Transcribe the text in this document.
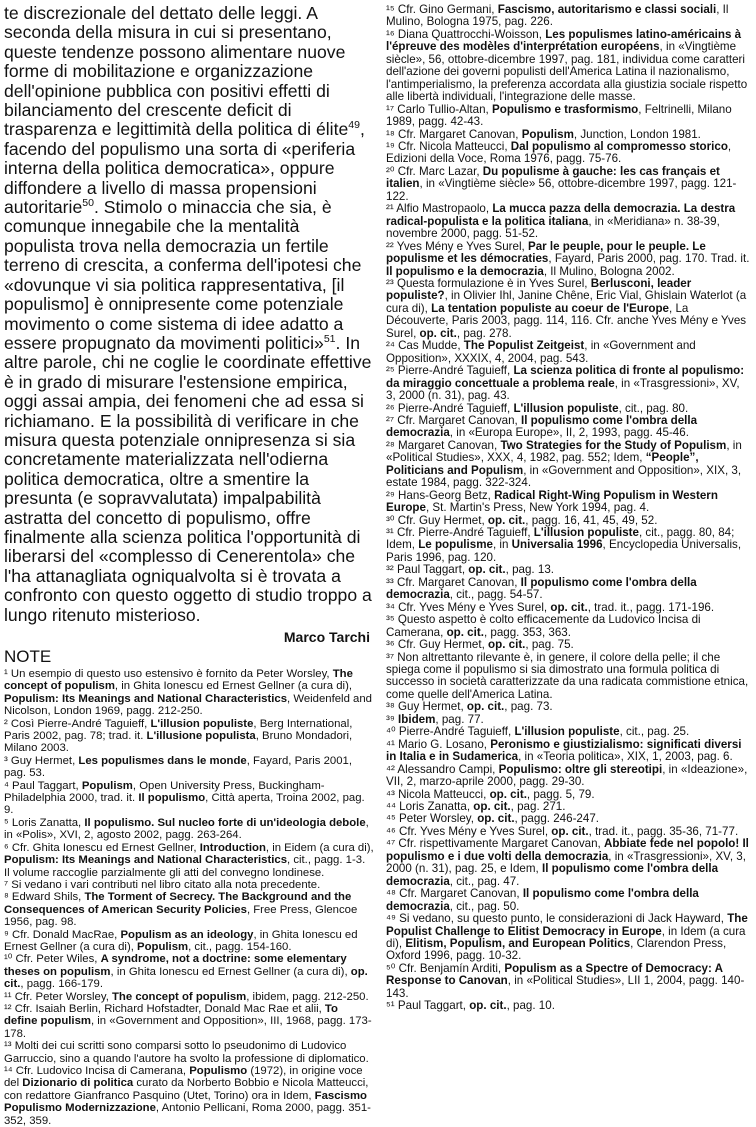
te discrezionale del dettato delle leggi. A seconda della misura in cui si presentano, queste tendenze possono alimentare nuove forme di mobilitazione e organizzazione dell'opinione pubblica con positivi effetti di bilanciamento del crescente deficit di trasparenza e legittimità della politica di élite$^{49}$, facendo del populismo una sorta di «periferia interna della politica democratica», oppure diffondere a livello di massa propensioni autoritarie$^{50}$. Stimolo o minaccia che sia, è comunque innegabile che la mentalità populista trova nella democrazia un fertile terreno di crescita, a conferma dell'ipotesi che «dovunque vi sia politica rappresentativa, [il populismo] è onnipresente come potenziale movimento o come sistema di idee adatto a essere propugnato da movimenti politici»$^{51}$. In altre parole, chi ne coglie le coordinate effettive è in grado di misurare l'estensione empirica, oggi assai ampia, dei fenomeni che ad essa si richiamano. E la possibilità di verificare in che misura questa potenziale onnipresenza si sia concretamente materializzata nell'odierna politica democratica, oltre a smentire la presunta (e sopravvalutata) impalpabilità astratta del concetto di populismo, offre finalmente alla scienza politica l'opportunità di liberarsi del «complesso di Cenerentola» che l'ha attanagliata ogniqualvolta si è trovata a confronto con questo oggetto di studio troppo a lungo ritenuto misterioso.

Marco Tarchi
NOTE

¹ Un esempio di questo uso estensivo è fornito da Peter Worsley, The concept of populism, in Ghita Ionescu ed Ernest Gellner (a cura di), Populism: Its Meanings and National Characteristics, Weidenfeld and Nicolson, London 1969, pagg. 212-250.

² Così Pierre-André Taguieff, L'illusion populiste, Berg International, Paris 2002, pag. 78; trad. it. L'illusione populista, Bruno Mondadori, Milano 2003.

³ Guy Hermet, Les populismes dans le monde, Fayard, Paris 2001, pag. 53.

⁴ Paul Taggart, Populism, Open University Press, Buckingham-Philadelphia 2000, trad. it. Il populismo, Città aperta, Troina 2002, pag. 9.

⁵ Loris Zanatta, Il populismo. Sul nucleo forte di un'ideologia debole, in «Polis», XVI, 2, agosto 2002, pagg. 263-264.

⁶ Cfr. Ghita Ionescu ed Ernest Gellner, Introduction, in Eidem (a cura di), Populism: Its Meanings and National Characteristics, cit., pagg. 1-3. Il volume raccoglie parzialmente gli atti del convegno londinese.

⁷ Si vedano i vari contributi nel libro citato alla nota precedente.

⁸ Edward Shils, The Torment of Secrecy. The Background and the Consequences of American Security Policies, Free Press, Glencoe 1956, pag. 98.

⁹ Cfr. Donald MacRae, Populism as an ideology, in Ghita Ionescu ed Ernest Gellner (a cura di), Populism, cit., pagg. 154-160.

¹⁰ Cfr. Peter Wiles, A syndrome, not a doctrine: some elementary theses on populism, in Ghita Ionescu ed Ernest Gellner (a cura di), op. cit., pagg. 166-179.

¹¹ Cfr. Peter Worsley, The concept of populism, ibidem, pagg. 212-250.

¹² Cfr. Isaiah Berlin, Richard Hofstadter, Donald Mac Rae et alii, To define populism, in «Government and Opposition», III, 1968, pagg. 173-178.

¹³ Molti dei cui scritti sono comparsi sotto lo pseudonimo di Ludovico Garruccio, sino a quando l'autore ha svolto la professione di diplomatico.

¹⁴ Cfr. Ludovico Incisa di Camerana, Populismo (1972), in origine voce del Dizionario di politica curato da Norberto Bobbio e Nicola Matteucci, con redattore Gianfranco Pasquino (Utet, Torino) ora in Idem, Fascismo Populismo Modernizzazione, Antonio Pellicani, Roma 2000, pagg. 351-352, 359.

¹⁵ Cfr. Gino Germani, Fascismo, autoritarismo e classi sociali, Il Mulino, Bologna 1975, pag. 226.

¹⁶ Diana Quattrocchi-Woisson, Les populismes latino-américains à l'épreuve des modèles d'interprétation européens, in «Vingtième siècle», 56, ottobre-dicembre 1997, pag. 181, individua come caratteri dell'azione dei governi populisti dell'America Latina il nazionalismo, l'antimperialismo, la preferenza accordata alla giustizia sociale rispetto alle libertà individuali, l'integrazione delle masse.

¹⁷ Carlo Tullio-Altan, Populismo e trasformismo, Feltrinelli, Milano 1989, pagg. 42-43.

¹⁸ Cfr. Margaret Canovan, Populism, Junction, London 1981.

¹⁹ Cfr. Nicola Matteucci, Dal populismo al compromesso storico, Edizioni della Voce, Roma 1976, pagg. 75-76.

²⁰ Cfr. Marc Lazar, Du populisme à gauche: les cas français et italien, in «Vingtième siècle» 56, ottobre-dicembre 1997, pagg. 121-122.

²¹ Alfio Mastropaolo, La mucca pazza della democrazia. La destra radical-populista e la politica italiana, in «Meridiana» n. 38-39, novembre 2000, pagg. 51-52.

²² Yves Mény e Yves Surel, Par le peuple, pour le peuple. Le populisme et les démocraties, Fayard, Paris 2000, pag. 170. Trad. it. Il populismo e la democrazia, Il Mulino, Bologna 2002.

²³ Questa formulazione è in Yves Surel, Berlusconi, leader populiste?, in Olivier Ihl, Janine Chêne, Eric Vial, Ghislain Waterlot (a cura di), La tentation populiste au coeur de l'Europe, La Découverte, Paris 2003, pagg. 114, 116. Cfr. anche Yves Mény e Yves Surel, op. cit., pag. 278.

²⁴ Cas Mudde, The Populist Zeitgeist, in «Government and Opposition», XXXIX, 4, 2004, pag. 543.

²⁵ Pierre-André Taguieff, La scienza politica di fronte al populismo: da miraggio concettuale a problema reale, in «Trasgressioni», XV, 3, 2000 (n. 31), pag. 43.

²⁶ Pierre-André Taguieff, L'illusion populiste, cit., pag. 80.

²⁷ Cfr. Margaret Canovan, Il populismo come l'ombra della democrazia, in «Europa Europe», II, 2, 1993, pagg. 45-46.

²⁸ Margaret Canovan, Two Strategies for the Study of Populism, in «Political Studies», XXX, 4, 1982, pag. 552; Idem, “People”, Politicians and Populism, in «Government and Opposition», XIX, 3, estate 1984, pagg. 322-324.

²⁹ Hans-Georg Betz, Radical Right-Wing Populism in Western Europe, St. Martin's Press, New York 1994, pag. 4.

³⁰ Cfr. Guy Hermet, op. cit., pagg. 16, 41, 45, 49, 52.

³¹ Cfr. Pierre-André Taguieff, L'illusion populiste, cit., pagg. 80, 84; Idem, Le populisme, in Universalia 1996, Encyclopedia Universalis, Paris 1996, pag. 120.

³² Paul Taggart, op. cit., pag. 13.

³³ Cfr. Margaret Canovan, Il populismo come l'ombra della democrazia, cit., pagg. 54-57.

³⁴ Cfr. Yves Mény e Yves Surel, op. cit., trad. it., pagg. 171-196.

³⁵ Questo aspetto è colto efficacemente da Ludovico Incisa di Camerana, op. cit., pagg. 353, 363.

³⁶ Cfr. Guy Hermet, op. cit., pag. 75.

³⁷ Non altrettanto rilevante è, in genere, il colore della pelle; il che spiega come il populismo si sia dimostrato una formula politica di successo in società caratterizzate da una radicata commistione etnica, come quelle dell'America Latina.

³⁸ Guy Hermet, op. cit., pag. 73.

³⁹ Ibidem, pag. 77.

⁴⁰ Pierre-André Taguieff, L'illusion populiste, cit., pag. 25.

⁴¹ Mario G. Losano, Peronismo e giustizialismo: significati diversi in Italia e in Sudamerica, in «Teoria politica», XIX, 1, 2003, pag. 6.

⁴² Alessandro Campi, Populismo: oltre gli stereotipi, in «Ideazione», VII, 2, marzo-aprile 2000, pagg. 29-30.

⁴³ Nicola Matteucci, op. cit., pagg. 5, 79.

⁴⁴ Loris Zanatta, op. cit., pag. 271.

⁴⁵ Peter Worsley, op. cit., pagg. 246-247.

⁴⁶ Cfr. Yves Mény e Yves Surel, op. cit., trad. it., pagg. 35-36, 71-77.

⁴⁷ Cfr. rispettivamente Margaret Canovan, Abbiate fede nel popolo! Il populismo e i due volti della democrazia, in «Trasgressioni», XV, 3, 2000 (n. 31), pag. 25, e Idem, Il populismo come l'ombra della democrazia, cit., pag. 47.

⁴⁸ Cfr. Margaret Canovan, Il populismo come l'ombra della democrazia, cit., pag. 50.

⁴⁹ Si vedano, su questo punto, le considerazioni di Jack Hayward, The Populist Challenge to Elitist Democracy in Europe, in Idem (a cura di), Elitism, Populism, and European Politics, Clarendon Press, Oxford 1996, pagg. 10-32.

⁵⁰ Cfr. Benjamín Arditi, Populism as a Spectre of Democracy: A Response to Canovan, in «Political Studies», LII 1, 2004, pagg. 140-143.

⁵¹ Paul Taggart, op. cit., pag. 10.
